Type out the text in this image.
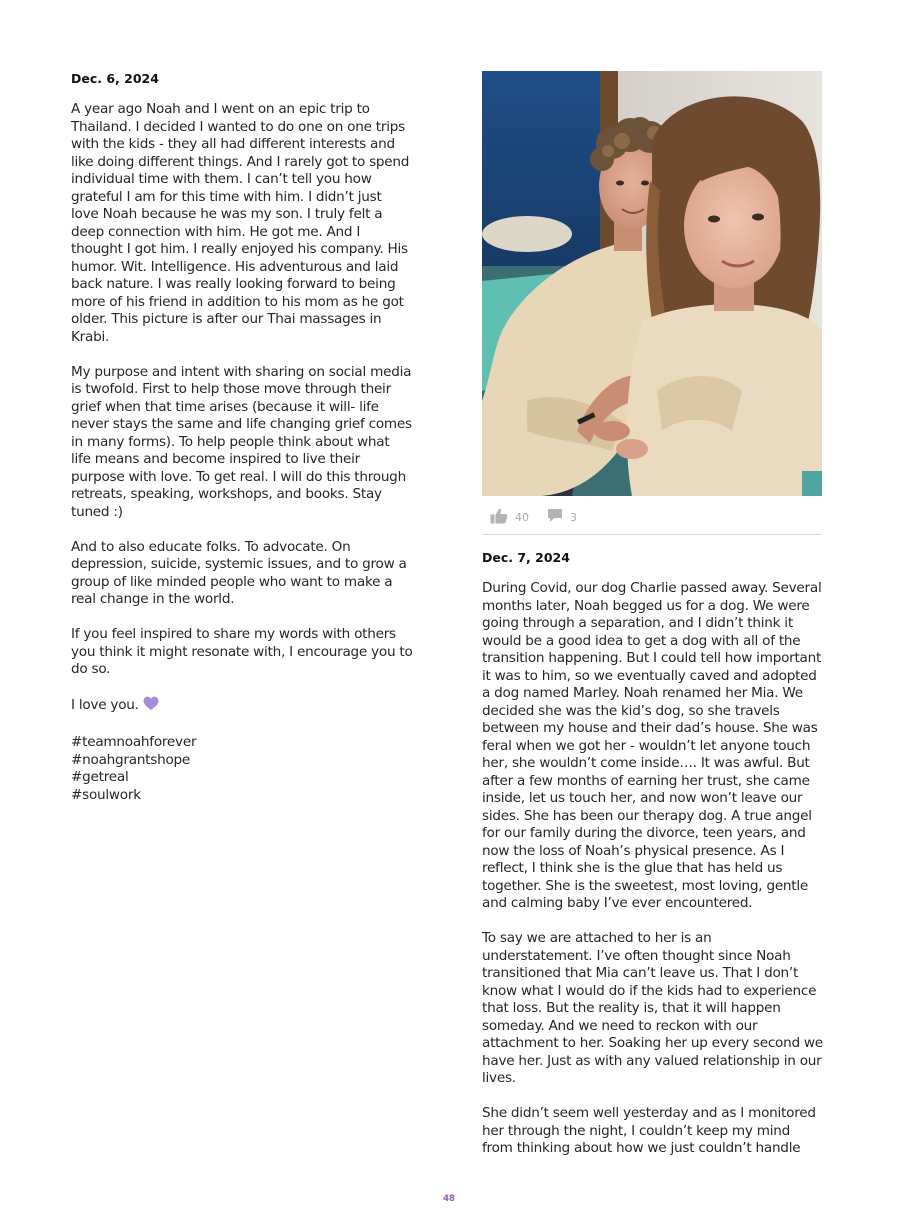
Dec. 6, 2024

A year ago Noah and I went on an epic trip to Thailand. I decided I wanted to do one on one trips with the kids - they all had different interests and like doing different things. And I rarely got to spend individual time with them. I can’t tell you how grateful I am for this time with him. I didn’t just love Noah because he was my son. I truly felt a deep connection with him. He got me. And I thought I got him. I really enjoyed his company. His humor. Wit. Intelligence. His adventurous and laid back nature. I was really looking forward to being more of his friend in addition to his mom as he got older. This picture is after our Thai massages in Krabi.

My purpose and intent with sharing on social media is twofold. First to help those move through their grief when that time arises (because it will- life never stays the same and life changing grief comes in many forms). To help people think about what life means and become inspired to live their purpose with love. To get real. I will do this through retreats, speaking, workshops, and books. Stay tuned :)

And to also educate folks. To advocate. On depression, suicide, systemic issues, and to grow a group of like minded people who want to make a real change in the world.

If you feel inspired to share my words with others you think it might resonate with, I encourage you to do so.

I love you.

#teamnoahforever
#noahgrantshope
#getreal
#soulwork
40	3
Dec. 7, 2024

During Covid, our dog Charlie passed away. Several months later, Noah begged us for a dog. We were going through a separation, and I didn’t think it would be a good idea to get a dog with all of the transition happening. But I could tell how important it was to him, so we eventually caved and adopted a dog named Marley. Noah renamed her Mia. We decided she was the kid’s dog, so she travels between my house and their dad’s house. She was feral when we got her - wouldn’t let anyone touch her, she wouldn’t come inside…. It was awful. But after a few months of earning her trust, she came inside, let us touch her, and now won’t leave our sides. She has been our therapy dog. A true angel for our family during the divorce, teen years, and now the loss of Noah’s physical presence. As I reflect, I think she is the glue that has held us together. She is the sweetest, most loving, gentle and calming baby I’ve ever encountered.

To say we are attached to her is an understatement. I’ve often thought since Noah transitioned that Mia can’t leave us. That I don’t know what I would do if the kids had to experience that loss. But the reality is, that it will happen someday. And we need to reckon with our attachment to her. Soaking her up every second we have her. Just as with any valued relationship in our lives.

She didn’t seem well yesterday and as I monitored her through the night, I couldn’t keep my mind from thinking about how we just couldn’t handle

48
